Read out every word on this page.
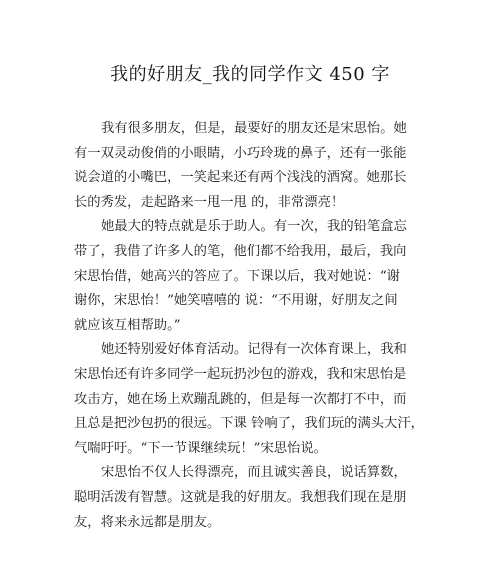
我的好朋友_我的同学作文 450 字
我有很多朋友，但是，最要好的朋友还是宋思怡。她
有一双灵动俊俏的小眼睛，小巧玲珑的鼻子，还有一张能
说会道的小嘴巴，一笑起来还有两个浅浅的酒窝。她那长
长的秀发，走起路来一甩一甩 的，非常漂亮！
她最大的特点就是乐于助人。有一次，我的铅笔盒忘
带了，我借了许多人的笔，他们都不给我用，最后，我向
宋思怡借，她高兴的答应了。下课以后，我对她说：“谢
谢你，宋思怡！”她笑嘻嘻的 说：“不用谢，好朋友之间
就应该互相帮助。”
她还特别爱好体育活动。记得有一次体育课上，我和
宋思怡还有许多同学一起玩扔沙包的游戏，我和宋思怡是
攻击方，她在场上欢蹦乱跳的，但是每一次都打不中，而
且总是把沙包扔的很远。下课 铃响了，我们玩的满头大汗，
气喘吁吁。“下一节课继续玩！”宋思怡说。
宋思怡不仅人长得漂亮，而且诚实善良，说话算数，
聪明活泼有智慧。这就是我的好朋友。我想我们现在是朋
友，将来永远都是朋友。
